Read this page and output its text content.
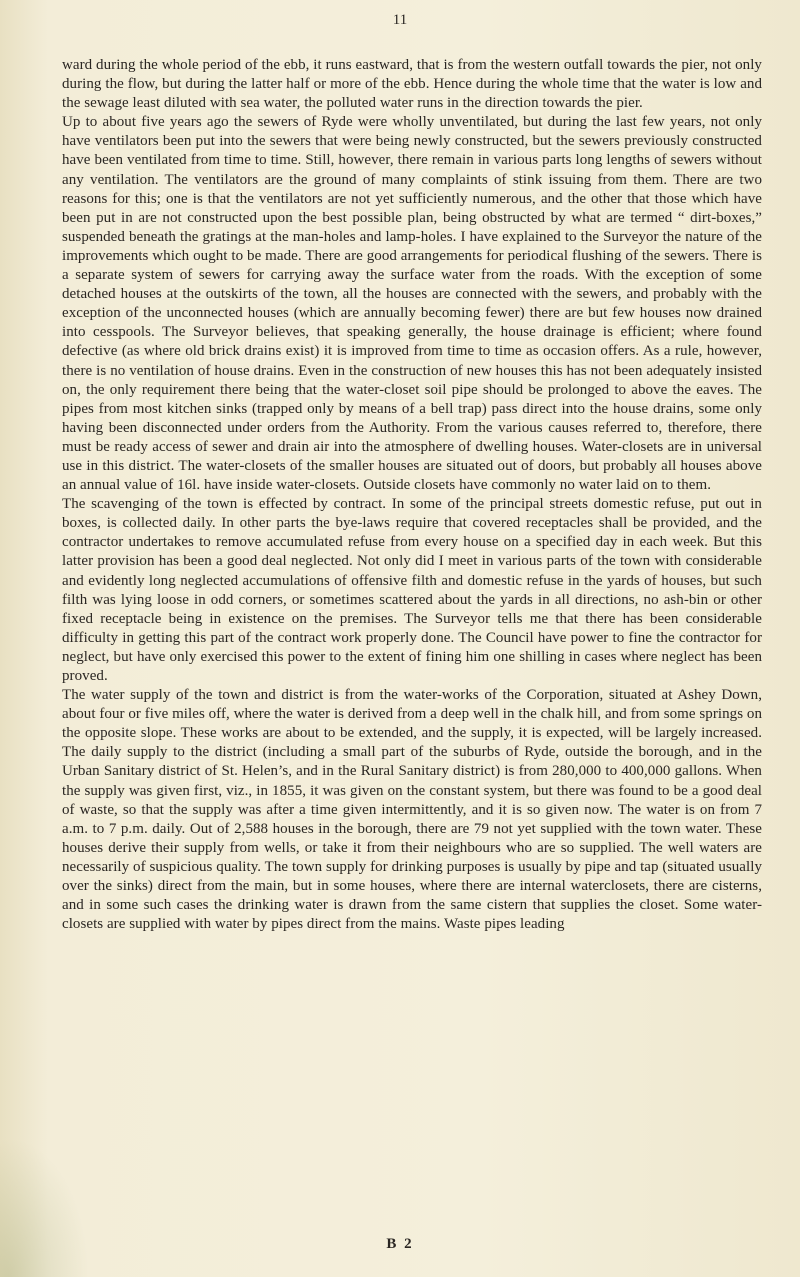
11

ward during the whole period of the ebb, it runs eastward, that is from the western outfall towards the pier, not only during the flow, but during the latter half or more of the ebb. Hence during the whole time that the water is low and the sewage least diluted with sea water, the polluted water runs in the direction towards the pier.

Up to about five years ago the sewers of Ryde were wholly unventilated, but during the last few years, not only have ventilators been put into the sewers that were being newly constructed, but the sewers previously constructed have been ventilated from time to time. Still, however, there remain in various parts long lengths of sewers without any ventilation. The ventilators are the ground of many complaints of stink issuing from them. There are two reasons for this; one is that the ventilators are not yet sufficiently numerous, and the other that those which have been put in are not constructed upon the best possible plan, being obstructed by what are termed “ dirt-boxes,” suspended beneath the gratings at the man-holes and lamp-holes. I have explained to the Surveyor the nature of the improvements which ought to be made. There are good arrangements for periodical flushing of the sewers. There is a separate system of sewers for carrying away the surface water from the roads. With the exception of some detached houses at the outskirts of the town, all the houses are connected with the sewers, and probably with the exception of the unconnected houses (which are annually becoming fewer) there are but few houses now drained into cesspools. The Surveyor believes, that speaking generally, the house drainage is efficient; where found defective (as where old brick drains exist) it is improved from time to time as occasion offers. As a rule, however, there is no ventilation of house drains. Even in the construction of new houses this has not been adequately insisted on, the only requirement there being that the water-closet soil pipe should be prolonged to above the eaves. The pipes from most kitchen sinks (trapped only by means of a bell trap) pass direct into the house drains, some only having been disconnected under orders from the Authority. From the various causes referred to, therefore, there must be ready access of sewer and drain air into the atmosphere of dwelling houses. Water-closets are in universal use in this district. The water-closets of the smaller houses are situated out of doors, but probably all houses above an annual value of 16l. have inside water-closets. Outside closets have commonly no water laid on to them.

The scavenging of the town is effected by contract. In some of the principal streets domestic refuse, put out in boxes, is collected daily. In other parts the bye-laws require that covered receptacles shall be provided, and the contractor undertakes to remove accumulated refuse from every house on a specified day in each week. But this latter provision has been a good deal neglected. Not only did I meet in various parts of the town with considerable and evidently long neglected accumulations of offensive filth and domestic refuse in the yards of houses, but such filth was lying loose in odd corners, or sometimes scattered about the yards in all directions, no ash-bin or other fixed receptacle being in existence on the premises. The Surveyor tells me that there has been considerable difficulty in getting this part of the contract work properly done. The Council have power to fine the contractor for neglect, but have only exercised this power to the extent of fining him one shilling in cases where neglect has been proved.

The water supply of the town and district is from the water-works of the Corporation, situated at Ashey Down, about four or five miles off, where the water is derived from a deep well in the chalk hill, and from some springs on the opposite slope. These works are about to be extended, and the supply, it is expected, will be largely increased. The daily supply to the district (including a small part of the suburbs of Ryde, outside the borough, and in the Urban Sanitary district of St. Helen’s, and in the Rural Sanitary district) is from 280,000 to 400,000 gallons. When the supply was given first, viz., in 1855, it was given on the constant system, but there was found to be a good deal of waste, so that the supply was after a time given intermittently, and it is so given now. The water is on from 7 a.m. to 7 p.m. daily. Out of 2,588 houses in the borough, there are 79 not yet supplied with the town water. These houses derive their supply from wells, or take it from their neighbours who are so supplied. The well waters are necessarily of suspicious quality. The town supply for drinking purposes is usually by pipe and tap (situated usually over the sinks) direct from the main, but in some houses, where there are internal waterclosets, there are cisterns, and in some such cases the drinking water is drawn from the same cistern that supplies the closet. Some water-closets are supplied with water by pipes direct from the mains. Waste pipes leading

B 2
